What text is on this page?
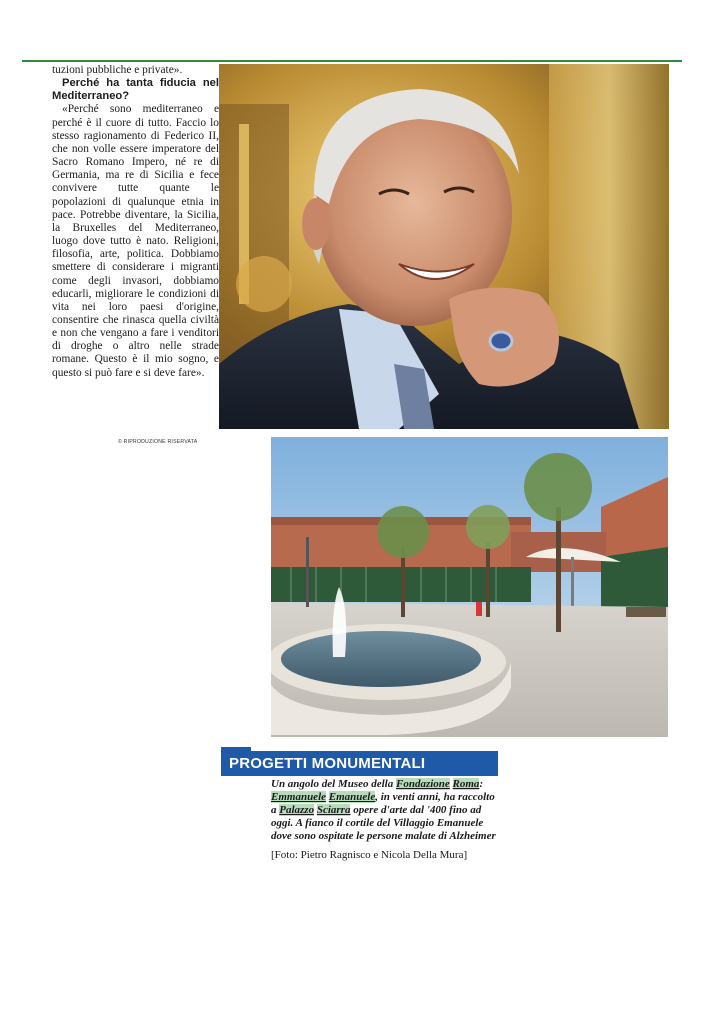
tuzioni pubbliche e private».

Perché ha tanta fiducia nel Mediterraneo?

«Perché sono mediterraneo e perché è il cuore di tutto. Faccio lo stesso ragionamento di Federico II, che non volle essere imperatore del Sacro Romano Impero, né re di Germania, ma re di Sicilia e fece convivere tutte quante le popolazioni di qualunque etnia in pace. Potrebbe diventare, la Sicilia, la Bruxelles del Mediterraneo, luogo dove tutto è nato. Religioni, filosofia, arte, politica. Dobbiamo smettere di considerare i migranti come degli invasori, dobbiamo educarli, migliorare le condizioni di vita nei loro paesi d'origine, consentire che rinasca quella civiltà e non che vengano a fare i venditori di droghe o altro nelle strade romane. Questo è il mio sogno, e questo si può fare e si deve fare».

© RIPRODUZIONE RISERVATA
PROGETTI MONUMENTALI
Un angolo del Museo della Fondazione Roma: Emmanuele Emanuele, in venti anni, ha raccolto a Palazzo Sciarra opere d'arte dal '400 fino ad oggi. A fianco il cortile del Villaggio Emanuele dove sono ospitate le persone malate di Alzheimer
[Foto: Pietro Ragnisco e Nicola Della Mura]
